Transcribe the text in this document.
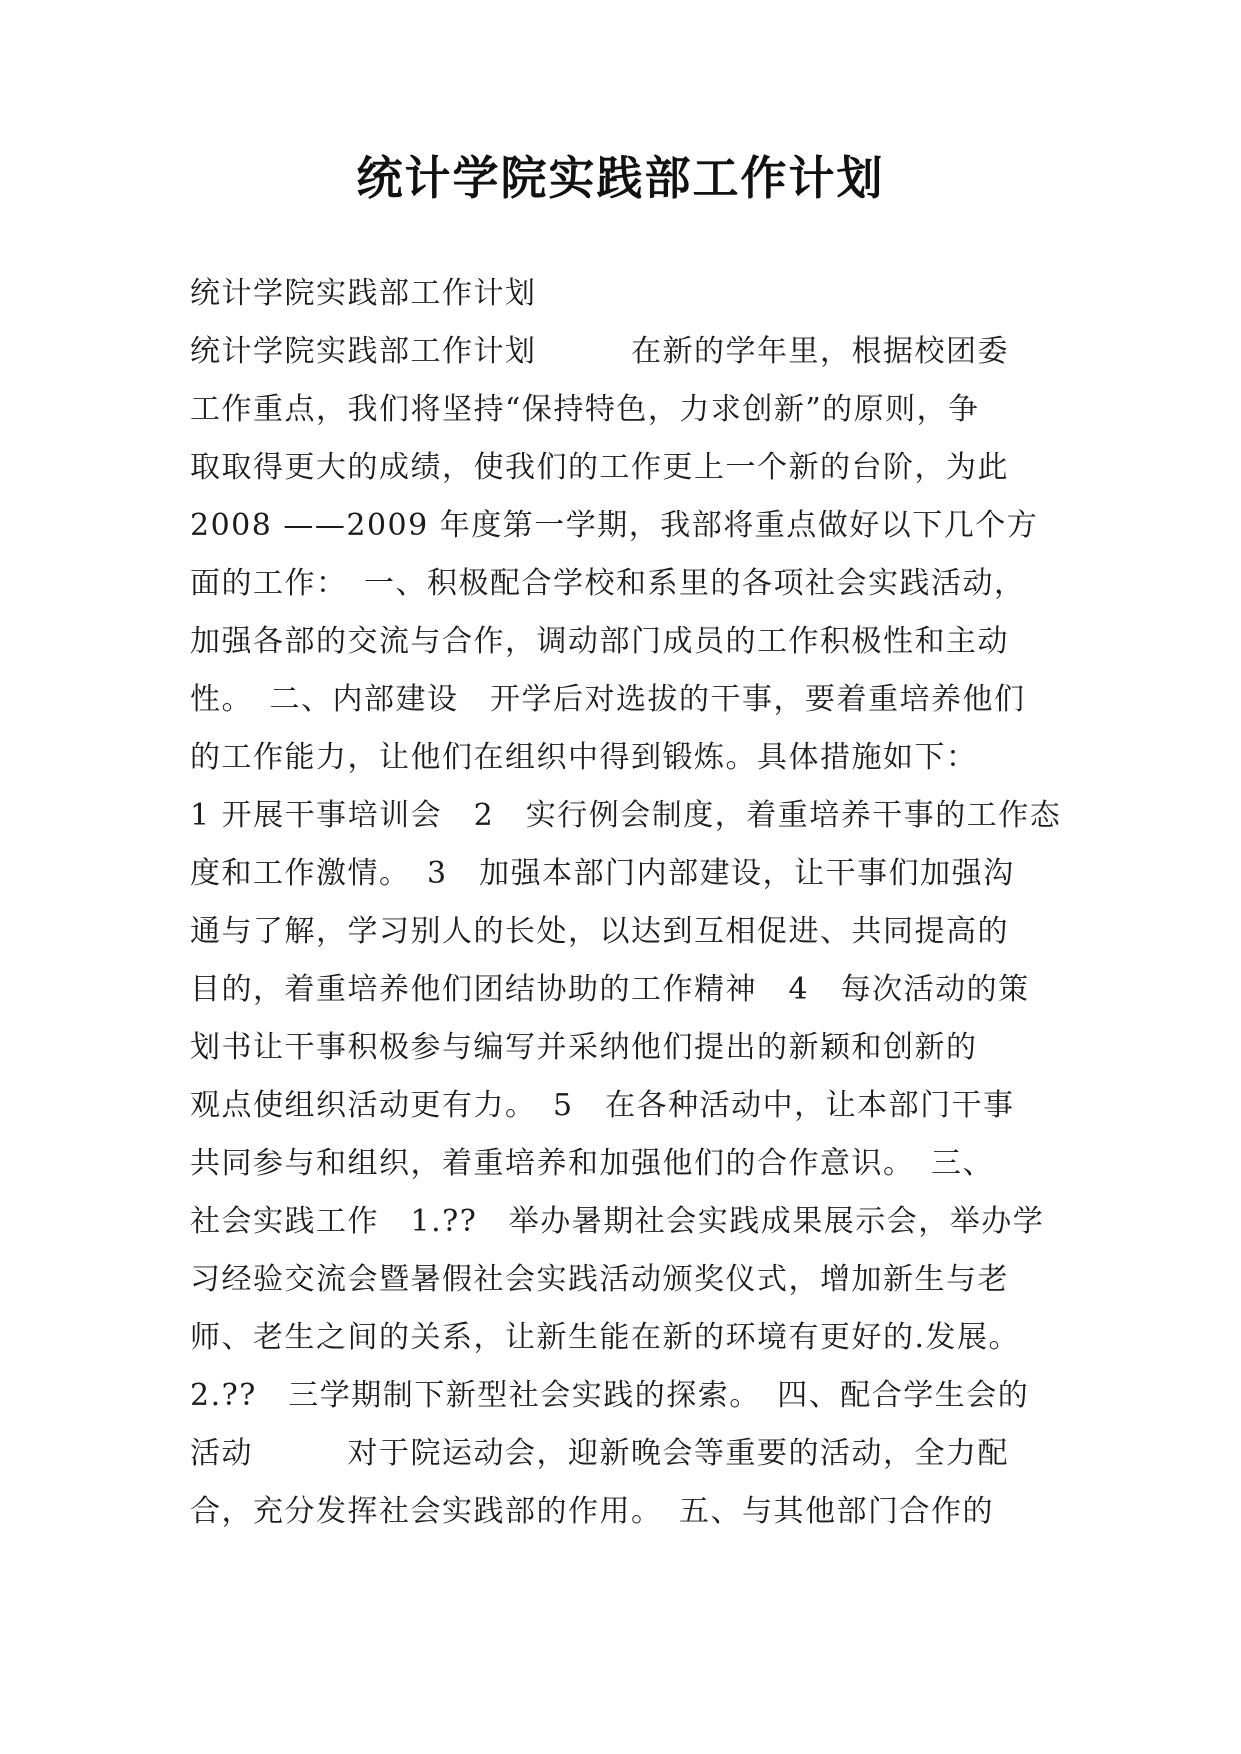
统计学院实践部工作计划
统计学院实践部工作计划
统计学院实践部工作计划　　　在新的学年里，根据校团委
工作重点，我们将坚持“保持特色，力求创新”的原则，争
取取得更大的成绩，使我们的工作更上一个新的台阶，为此
2008 ——2009 年度第一学期，我部将重点做好以下几个方
面的工作：　一、积极配合学校和系里的各项社会实践活动，
加强各部的交流与合作，调动部门成员的工作积极性和主动
性。　二、内部建设　开学后对选拔的干事，要着重培养他们
的工作能力，让他们在组织中得到锻炼。具体措施如下：
1 开展干事培训会　2　实行例会制度，着重培养干事的工作态
度和工作激情。　3　加强本部门内部建设，让干事们加强沟
通与了解，学习别人的长处，以达到互相促进、共同提高的
目的，着重培养他们团结协助的工作精神　4　每次活动的策
划书让干事积极参与编写并采纳他们提出的新颖和创新的
观点使组织活动更有力。　5　在各种活动中，让本部门干事
共同参与和组织，着重培养和加强他们的合作意识。　三、
社会实践工作　1.??　举办暑期社会实践成果展示会，举办学
习经验交流会暨暑假社会实践活动颁奖仪式，增加新生与老
师、老生之间的关系，让新生能在新的环境有更好的.发展。
2.??　三学期制下新型社会实践的探索。　四、配合学生会的
活动　　　对于院运动会，迎新晚会等重要的活动，全力配
合，充分发挥社会实践部的作用。　五、与其他部门合作的
